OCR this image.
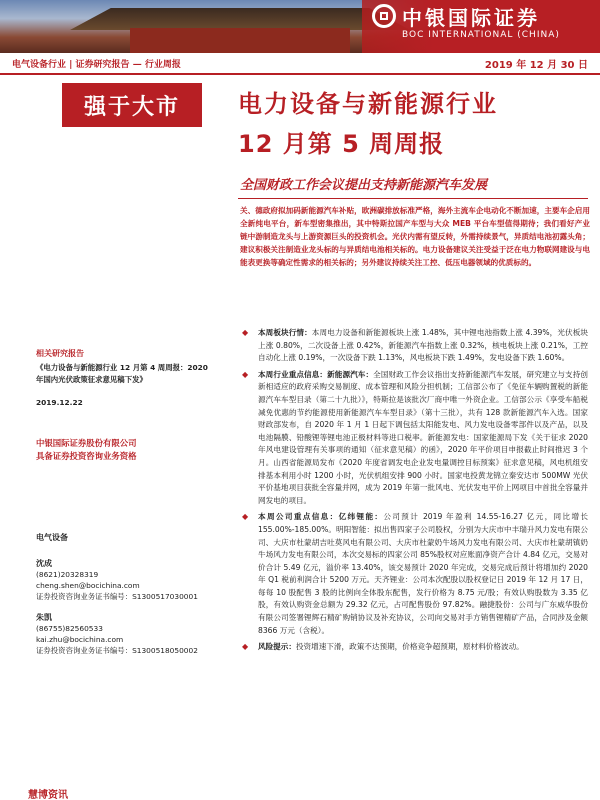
中银国际证券
BOC INTERNATIONAL (CHINA)
电气设备行业 | 证券研究报告 — 行业周报	2019 年 12 月 30 日
强于大市	电力设备与新能源行业
12 月第 5 周周报
全国财政工作会议提出支持新能源汽车发展
关、德政府拟加码新能源汽车补贴，欧洲碳排放标准严格，海外主流车企电动化不断加速，主要车企启用全新纯电平台，新车型密集推出，其中特斯拉国产车型与大众 MEB 平台车型值得期待；我们看好产业链中游制造龙头与上游资源巨头的投资机会。光伏内需有望反转，外需持续景气，异质结电池初露头角；建议积极关注制造业龙头标的与异质结电池相关标的。电力设备建议关注受益于泛在电力物联网建设与电能表更换等确定性需求的相关标的；另外建议持续关注工控、低压电器领域的优质标的。
◆ 本周板块行情：本周电力设备和新能源板块上涨 1.48%，其中锂电池指数上涨 4.39%，光伏板块上涨 0.80%，二次设备上涨 0.42%，新能源汽车指数上涨 0.32%，核电板块上涨 0.21%，工控自动化上涨 0.19%，一次设备下跌 1.13%，风电板块下跌 1.49%，发电设备下跌 1.60%。
◆ 本周行业重点信息：新能源汽车：全国财政工作会议指出支持新能源汽车发展，研究建立与支持创新相适应的政府采购交易制度、成本管理和风险分担机制；工信部公布了《免征车辆购置税的新能源汽车车型目录（第二十九批）》，特斯拉是该批次厂商中唯一外资企业。工信部公示《享受车船税减免优惠的节约能源使用新能源汽车车型目录》（第十三批），共有 128 款新能源汽车入选。国家财政部发布，自 2020 年 1 月 1 日起下调包括太阳能发电、风力发电设备零部件以及产品，以及电池隔膜、铅酸锂等锂电池正极材料等进口税率。新能源发电：国家能源局下发《关于征求 2020 年风电建设管理有关事项的通知（征求意见稿）的函》，2020 年平价项目申报截止时间推迟 3 个月。山西省能源局发布《2020 年度省调发电企业发电量调控目标预案》征求意见稿，风电机组安排基本利用小时 1200 小时，光伏机组安排 900 小时。国家电投黄龙锦立秦安达市 500MW 光伏平价基地项目获批全容量并网，成为 2019 年第一批风电、光伏发电平价上网项目中首批全容量并网发电的项目。
◆ 本周公司重点信息：亿纬锂能：公司预计 2019 年盈利 14.55-16.27 亿元，同比增长 155.00%-185.00%。明阳智能：拟出售四家子公司股权，分别为大庆市中丰瑞升风力发电有限公司、大庆市杜蒙胡吉吐莫风电有限公司、大庆市杜蒙奶牛场风力发电有限公司、大庆市杜蒙胡镇奶牛场风力发电有限公司，本次交易标的四家公司 85%股权对应账面净资产合计 4.84 亿元，交易对价合计 5.49 亿元，溢价率 13.40%，该交易预计 2020 年完成，交易完成后预计将增加约 2020 年 Q1 税前利润合计 5200 万元。天齐锂业：公司本次配股以股权登记日 2019 年 12 月 17 日，每每 10 股配售 3 股的比例向全体股东配售，发行价格为 8.75 元/股；有效认购股数为 3.35 亿股，有效认购资金总额为 29.32 亿元，占可配售股份 97.82%。融捷股份：公司与广东威华股份有限公司签署锂辉石精矿购销协议及补充协议，公司向交易对手方销售锂精矿产品，合同涉及金额 8366 万元（含税）。
◆ 风险提示：投资增速下滑，政策不达预期，价格竞争超预期，原材料价格波动。
相关研究报告
《电力设备与新能源行业 12 月第 4 周周报：2020 年国内光伏政策征求意见稿下发》
2019.12.22
中银国际证券股份有限公司
具备证券投资咨询业务资格
电气设备
沈成
(8621)20328319
cheng.shen@bocichina.com
证券投资咨询业务证书编号：S1300517030001
朱凯
(86755)82560533
kai.zhu@bocichina.com
证券投资咨询业务证书编号：S1300518050002
慧博资讯
